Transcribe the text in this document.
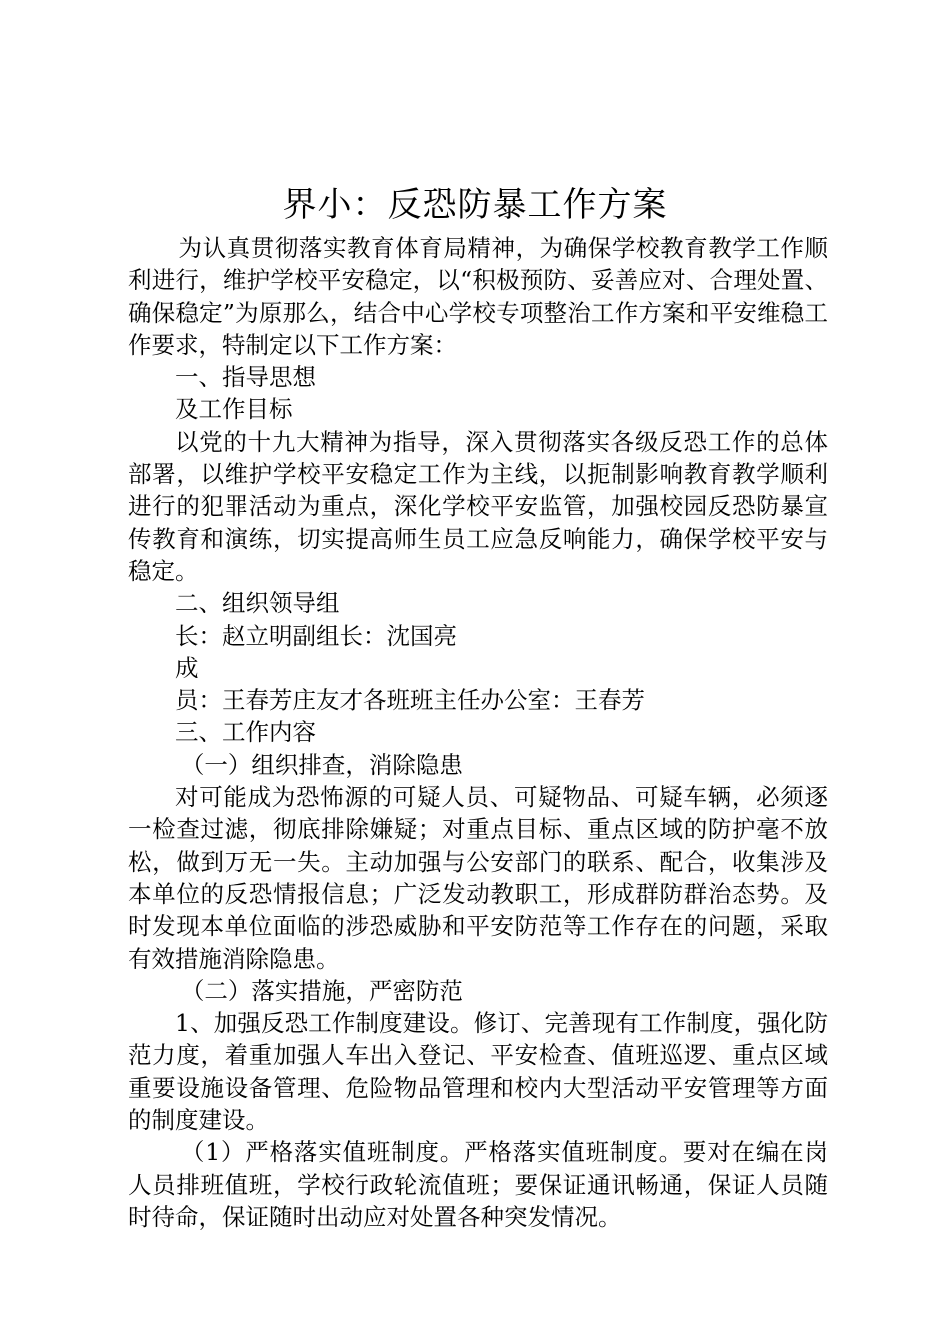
界小：反恐防暴工作方案

为认真贯彻落实教育体育局精神，为确保学校教育教学工作顺利进行，维护学校平安稳定，以“积极预防、妥善应对、合理处置、确保稳定”为原那么，结合中心学校专项整治工作方案和平安维稳工作要求，特制定以下工作方案：

一、指导思想

及工作目标

以党的十九大精神为指导，深入贯彻落实各级反恐工作的总体部署，以维护学校平安稳定工作为主线，以扼制影响教育教学顺利进行的犯罪活动为重点，深化学校平安监管，加强校园反恐防暴宣传教育和演练，切实提高师生员工应急反响能力，确保学校平安与稳定。

二、组织领导组

长：赵立明副组长：沈国亮

成

员：王春芳庄友才各班班主任办公室：王春芳

三、工作内容

（一）组织排查，消除隐患

对可能成为恐怖源的可疑人员、可疑物品、可疑车辆，必须逐一检查过滤，彻底排除嫌疑；对重点目标、重点区域的防护毫不放松，做到万无一失。主动加强与公安部门的联系、配合，收集涉及本单位的反恐情报信息；广泛发动教职工，形成群防群治态势。及时发现本单位面临的涉恐威胁和平安防范等工作存在的问题，采取有效措施消除隐患。

（二）落实措施，严密防范

1、加强反恐工作制度建设。修订、完善现有工作制度，强化防范力度，着重加强人车出入登记、平安检查、值班巡逻、重点区域重要设施设备管理、危险物品管理和校内大型活动平安管理等方面的制度建设。

（1）严格落实值班制度。严格落实值班制度。要对在编在岗人员排班值班，学校行政轮流值班；要保证通讯畅通，保证人员随时待命，保证随时出动应对处置各种突发情况。
